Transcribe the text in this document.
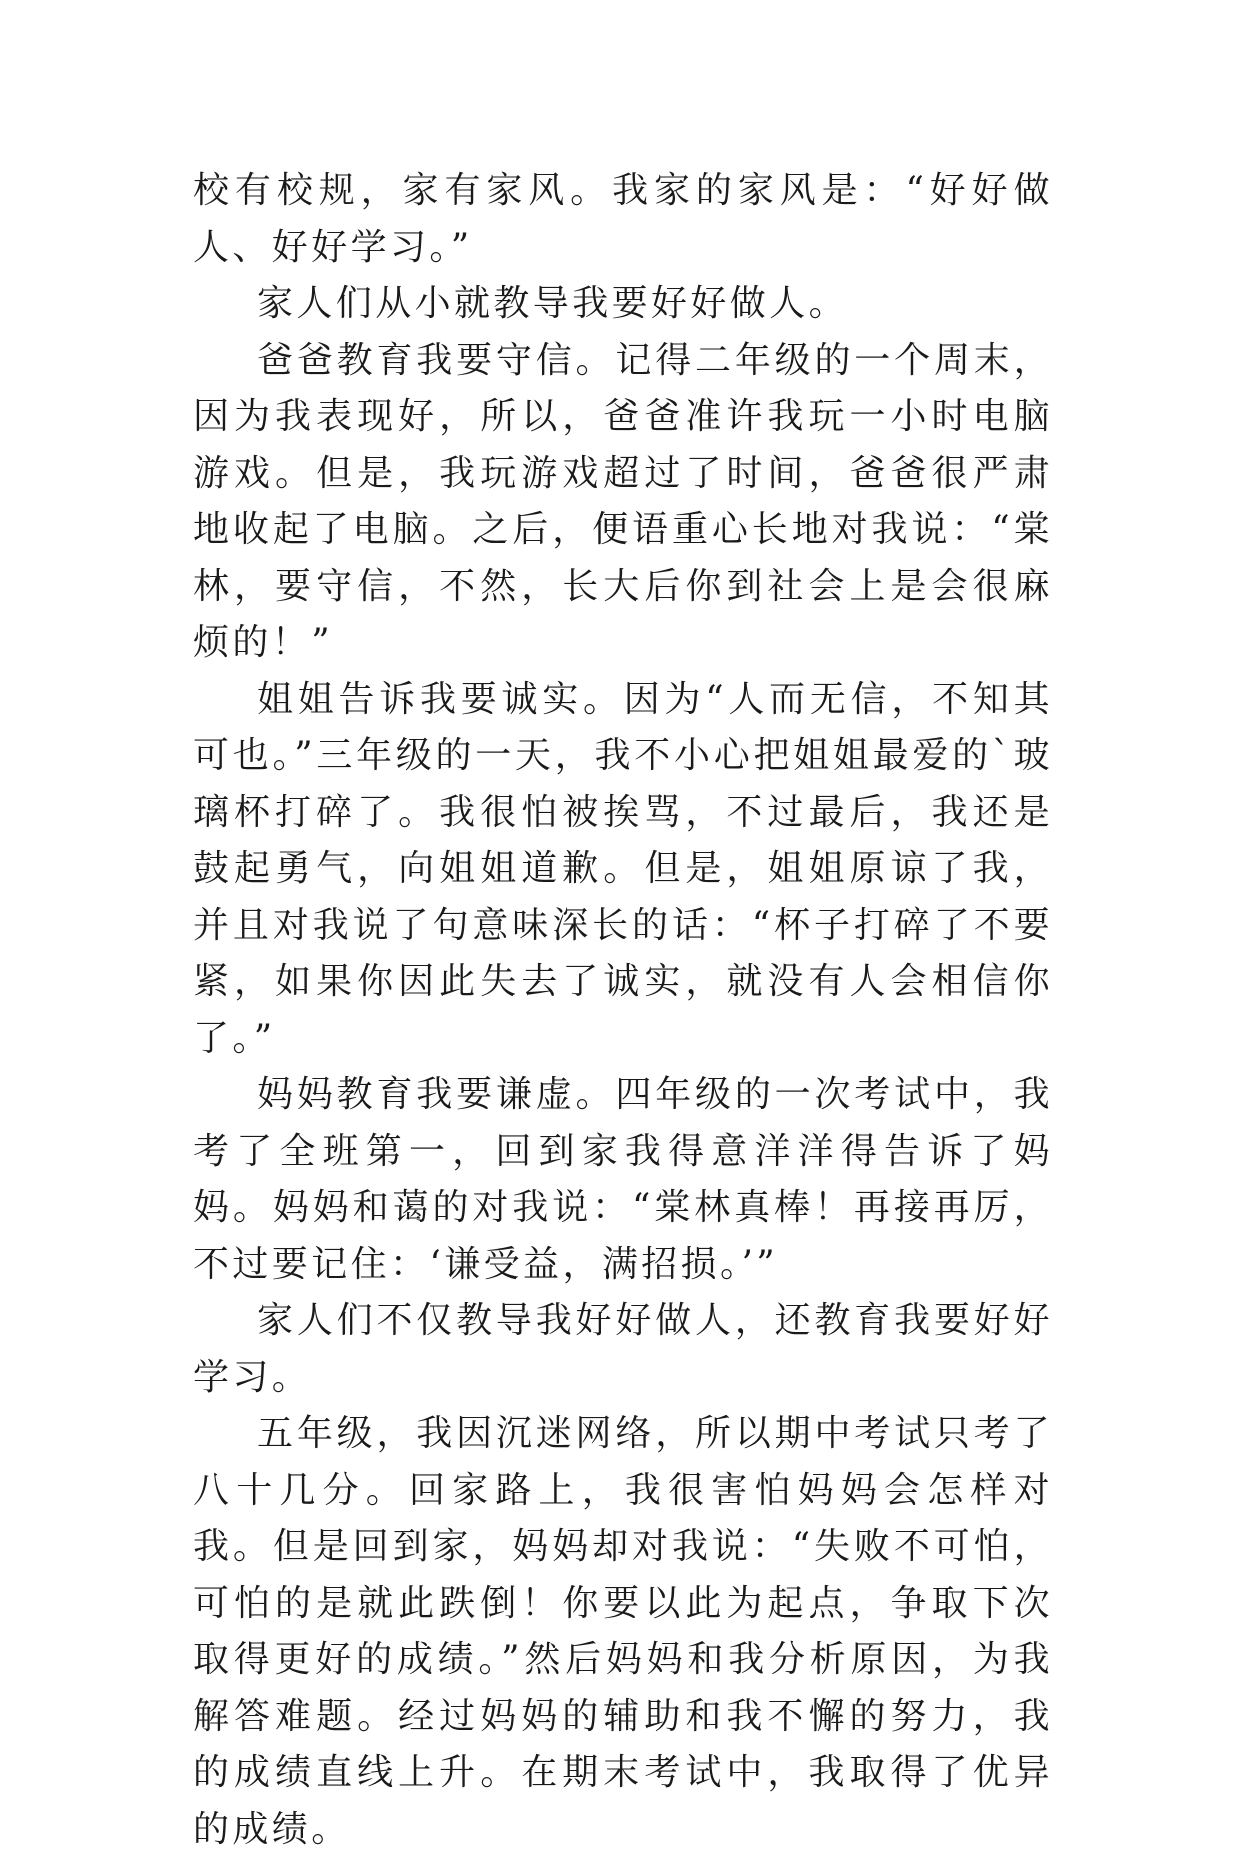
校有校规，家有家风。我家的家风是：“好好做人、好好学习。”

家人们从小就教导我要好好做人。

爸爸教育我要守信。记得二年级的一个周末，因为我表现好，所以，爸爸准许我玩一小时电脑游戏。但是，我玩游戏超过了时间，爸爸很严肃地收起了电脑。之后，便语重心长地对我说：“棠林，要守信，不然，长大后你到社会上是会很麻烦的！”

姐姐告诉我要诚实。因为“人而无信，不知其可也。”三年级的一天，我不小心把姐姐最爱的`玻璃杯打碎了。我很怕被挨骂，不过最后，我还是鼓起勇气，向姐姐道歉。但是，姐姐原谅了我，并且对我说了句意味深长的话：“杯子打碎了不要紧，如果你因此失去了诚实，就没有人会相信你了。”

妈妈教育我要谦虚。四年级的一次考试中，我考了全班第一，回到家我得意洋洋得告诉了妈妈。妈妈和蔼的对我说：“棠林真棒！再接再厉，不过要记住：‘谦受益，满招损。’”

家人们不仅教导我好好做人，还教育我要好好学习。

五年级，我因沉迷网络，所以期中考试只考了八十几分。回家路上，我很害怕妈妈会怎样对我。但是回到家，妈妈却对我说：“失败不可怕，可怕的是就此跌倒！你要以此为起点，争取下次取得更好的成绩。”然后妈妈和我分析原因，为我解答难题。经过妈妈的辅助和我不懈的努力，我的成绩直线上升。在期末考试中，我取得了优异的成绩。
